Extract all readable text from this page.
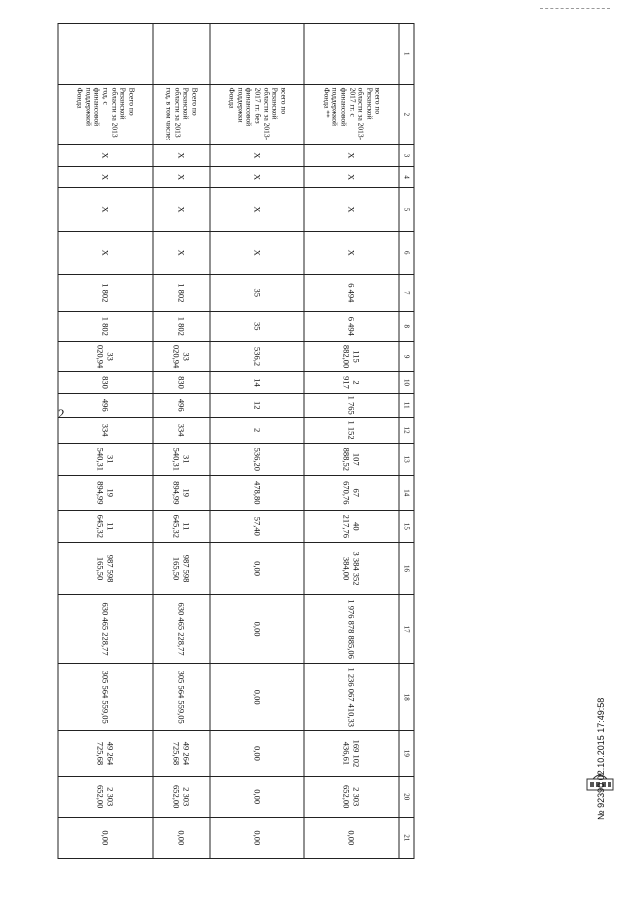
2
1	2	3	4	5	6	7	8	9	10	11	12	13	14	15	16	17	18	19	20	21
	всего по Рязанской области за 2013-2017 гг. с финансовой поддержкой Фонда **	X	X	X	X	6 494	6 494	115 882,00	2 917	1 765	1 152	107 888,52	67 670,76	40 217,76	3 384 352 384,00	1 976 878 885,06	1 236 067 410,33	169 102 436,61	2 303 652,00	0,00
	всего по Рязанской области за 2013-2017 гг. без финансовой поддержки Фонда	X	X	X	X	35	35	536,2	14	12	2	536,20	478,80	57,40	0,00	0,00	0,00	0,00	0,00	0,00
	Всего по Рязанской области за 2013 год, в том числе:	X	X	X	X	1 802	1 802	33 020,94	830	496	334	31 540,31	19 894,99	11 645,32	987 598 165,50	630 465 228,77	305 564 559,05	49 264 725,68	2 303 652,00	0,00
	Всего по Рязанской области за 2013 год, с финансовой поддержкой Фонда	X	X	X	X	1 802	1 802	33 020,94	830	496	334	31 540,31	19 894,99	11 645,32	987 598 165,50	630 465 228,77	305 564 559,05	49 264 725,68	2 303 652,00	0,00
№ 92390 02.10.2015 17:49:58
